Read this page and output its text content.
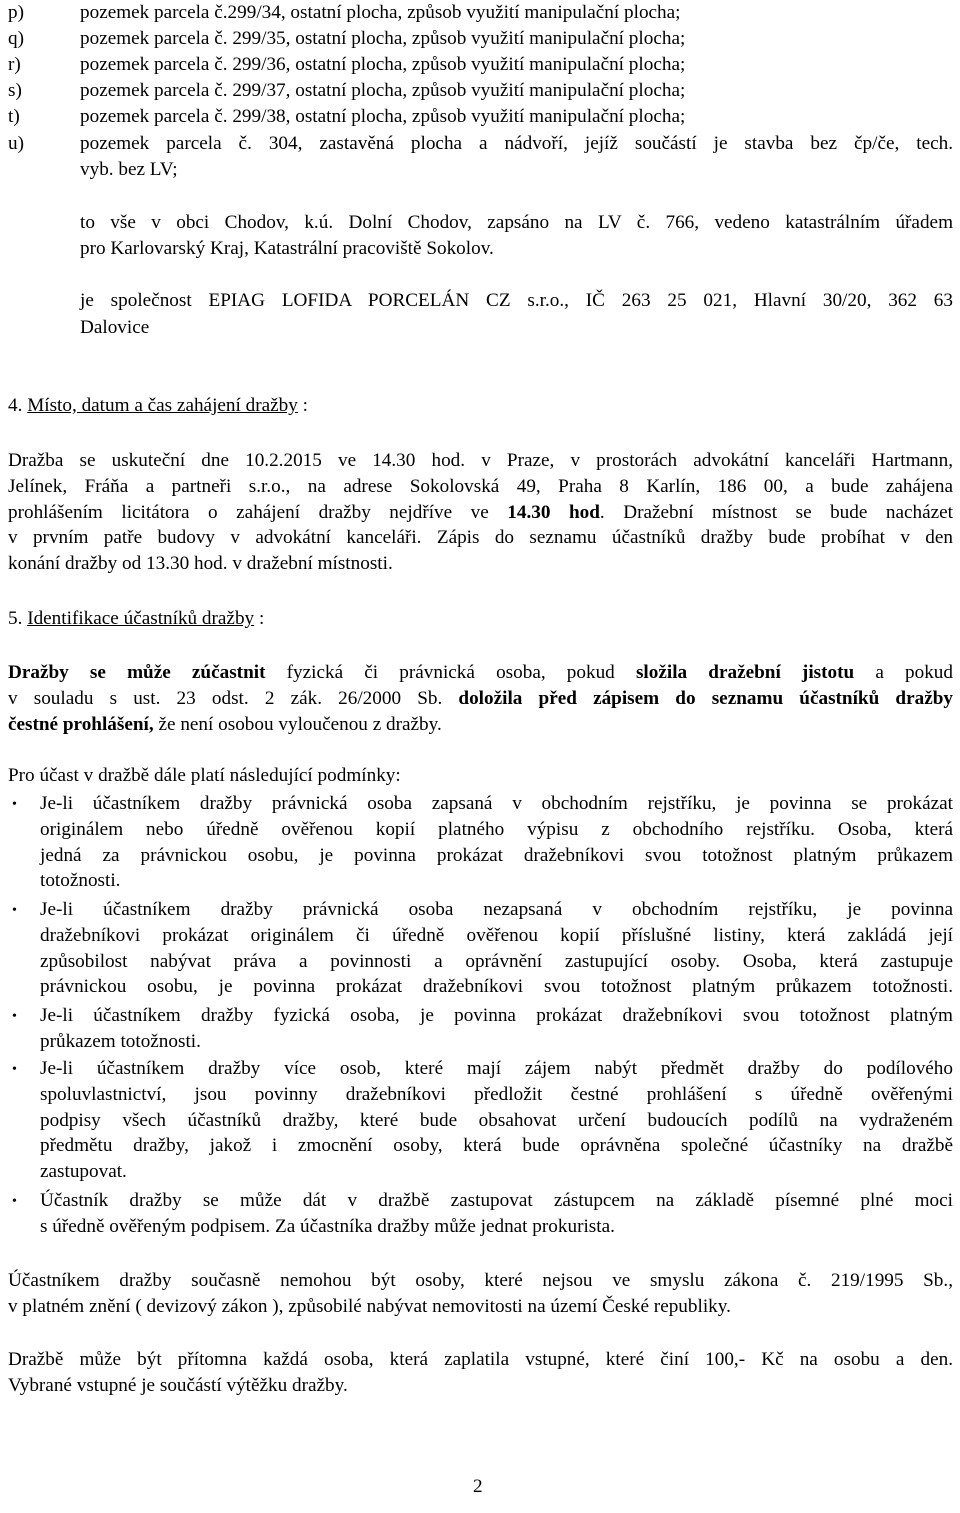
p)	pozemek parcela č.299/34, ostatní plocha, způsob využití manipulační plocha;
q)	pozemek parcela č. 299/35, ostatní plocha, způsob využití manipulační plocha;
r)	pozemek parcela č. 299/36, ostatní plocha, způsob využití manipulační plocha;
s)	pozemek parcela č. 299/37, ostatní plocha, způsob využití manipulační plocha;
t)	pozemek parcela č. 299/38, ostatní plocha, způsob využití manipulační plocha;
u)	pozemek parcela č. 304, zastavěná plocha a nádvoří, jejíž součástí je stavba bez čp/če, tech.
vyb. bez LV;
to vše v obci Chodov, k.ú. Dolní Chodov, zapsáno na LV č. 766, vedeno katastrálním úřadem
pro Karlovarský Kraj, Katastrální pracoviště Sokolov.
je společnost EPIAG LOFIDA PORCELÁN CZ s.r.o., IČ 263 25 021, Hlavní 30/20, 362 63
Dalovice
4. Místo, datum a čas zahájení dražby :
Dražba se uskuteční dne 10.2.2015 ve 14.30 hod. v Praze, v prostorách advokátní kanceláři Hartmann,
Jelínek, Fráňa a partneři s.r.o., na adrese Sokolovská 49, Praha 8 Karlín, 186 00, a bude zahájena
prohlášením licitátora o zahájení dražby nejdříve ve 14.30 hod. Dražební místnost se bude nacházet
v prvním patře budovy v advokátní kanceláři. Zápis do seznamu účastníků dražby bude probíhat v den
konání dražby od 13.30 hod. v dražební místnosti.
5. Identifikace účastníků dražby :
Dražby se může zúčastnit fyzická či právnická osoba, pokud složila dražební jistotu a pokud
v souladu s ust. 23 odst. 2 zák. 26/2000 Sb. doložila před zápisem do seznamu účastníků dražby
čestné prohlášení, že není osobou vyloučenou z dražby.
Pro účast v dražbě dále platí následující podmínky:
• Je-li účastníkem dražby právnická osoba zapsaná v obchodním rejstříku, je povinna se prokázat
originálem nebo úředně ověřenou kopií platného výpisu z obchodního rejstříku. Osoba, která
jedná za právnickou osobu, je povinna prokázat dražebníkovi svou totožnost platným průkazem
totožnosti.
• Je-li účastníkem dražby právnická osoba nezapsaná v obchodním rejstříku, je povinna
dražebníkovi prokázat originálem či úředně ověřenou kopií příslušné listiny, která zakládá její
způsobilost nabývat práva a povinnosti a oprávnění zastupující osoby. Osoba, která zastupuje
právnickou osobu, je povinna prokázat dražebníkovi svou totožnost platným průkazem totožnosti.
• Je-li účastníkem dražby fyzická osoba, je povinna prokázat dražebníkovi svou totožnost platným
průkazem totožnosti.
• Je-li účastníkem dražby více osob, které mají zájem nabýt předmět dražby do podílového
spoluvlastnictví, jsou povinny dražebníkovi předložit čestné prohlášení s úředně ověřenými
podpisy všech účastníků dražby, které bude obsahovat určení budoucích podílů na vydraženém
předmětu dražby, jakož i zmocnění osoby, která bude oprávněna společné účastníky na dražbě
zastupovat.
• Účastník dražby se může dát v dražbě zastupovat zástupcem na základě písemné plné moci
s úředně ověřeným podpisem. Za účastníka dražby může jednat prokurista.
Účastníkem dražby současně nemohou být osoby, které nejsou ve smyslu zákona č. 219/1995 Sb.,
v platném znění ( devizový zákon ), způsobilé nabývat nemovitosti na území České republiky.
Dražbě může být přítomna každá osoba, která zaplatila vstupné, které činí 100,- Kč na osobu a den.
Vybrané vstupné je součástí výtěžku dražby.
2
